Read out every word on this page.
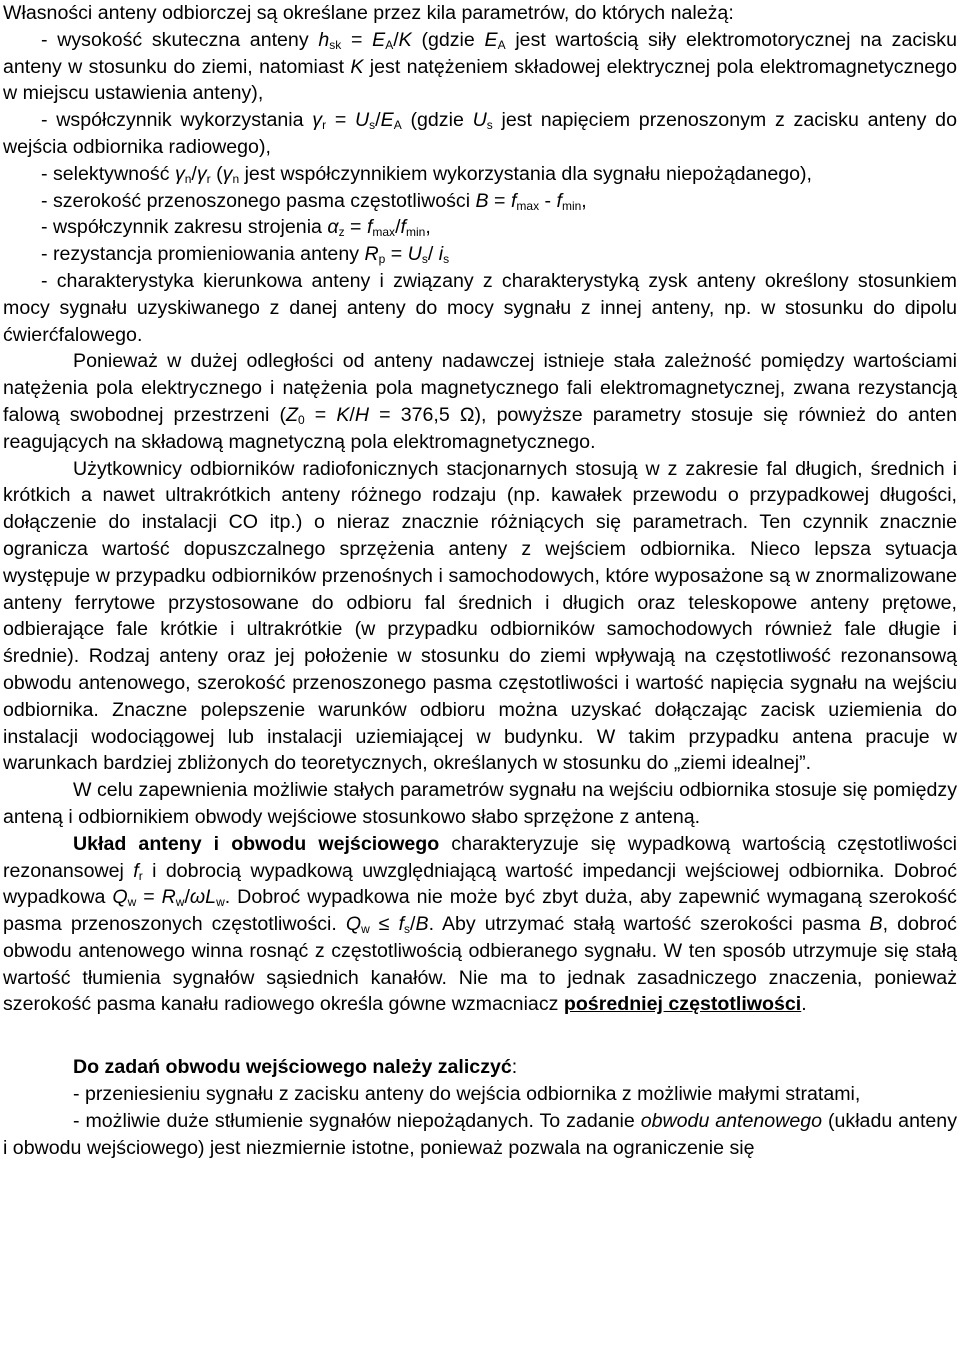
Własności anteny odbiorczej są określane przez kila parametrów, do których należą:

- wysokość skuteczna anteny $h_{sk} = E_A/K$ (gdzie $E_A$ jest wartością siły elektromotorycznej na zacisku anteny w stosunku do ziemi, natomiast K jest natężeniem składowej elektrycznej pola elektromagnetycznego w miejscu ustawienia anteny),

- współczynnik wykorzystania $\gamma_r = U_s/E_A$ (gdzie $U_s$ jest napięciem przenoszonym z zacisku anteny do wejścia odbiornika radiowego),

- selektywność $\gamma_n/\gamma_r$ ($\gamma_n$ jest współczynnikiem wykorzystania dla sygnału niepożądanego),

- szerokość przenoszonego pasma częstotliwości $B = f_{max} - f_{min}$,

- współczynnik zakresu strojenia $\alpha_z = f_{max}/f_{min}$,

- rezystancja promieniowania anteny $R_p = U_s/$ $i_s$

- charakterystyka kierunkowa anteny i związany z charakterystyką zysk anteny określony stosunkiem mocy sygnału uzyskiwanego z danej anteny do mocy sygnału z innej anteny, np. w stosunku do dipolu ćwierćfalowego.

Ponieważ w dużej odległości od anteny nadawczej istnieje stała zależność pomiędzy wartościami natężenia pola elektrycznego i natężenia pola magnetycznego fali elektromagnetycznej, zwana rezystancją falową swobodnej przestrzeni ($Z_0 = K/H = 376,5$ Ω), powyższe parametry stosuje się również do anten reagujących na składową magnetyczną pola elektromagnetycznego.

Użytkownicy odbiorników radiofonicznych stacjonarnych stosują w z zakresie fal długich, średnich i krótkich a nawet ultrakrótkich anteny różnego rodzaju (np. kawałek przewodu o przypadkowej długości, dołączenie do instalacji CO itp.) o nieraz znacznie różniących się parametrach. Ten czynnik znacznie ogranicza wartość dopuszczalnego sprzężenia anteny z wejściem odbiornika. Nieco lepsza sytuacja występuje w przypadku odbiorników przenośnych i samochodowych, które wyposażone są w znormalizowane anteny ferrytowe przystosowane do odbioru fal średnich i długich oraz teleskopowe anteny prętowe, odbierające fale krótkie i ultrakrótkie (w przypadku odbiorników samochodowych również fale długie i średnie). Rodzaj anteny oraz jej położenie w stosunku do ziemi wpływają na częstotliwość rezonansową obwodu antenowego, szerokość przenoszonego pasma częstotliwości i wartość napięcia sygnału na wejściu odbiornika. Znaczne polepszenie warunków odbioru można uzyskać dołączając zacisk uziemienia do instalacji wodociągowej lub instalacji uziemiającej w budynku. W takim przypadku antena pracuje w warunkach bardziej zbliżonych do teoretycznych, określanych w stosunku do „ziemi idealnej”.

W celu zapewnienia możliwie stałych parametrów sygnału na wejściu odbiornika stosuje się pomiędzy anteną i odbiornikiem obwody wejściowe stosunkowo słabo sprzężone z anteną.

Układ anteny i obwodu wejściowego charakteryzuje się wypadkową wartością częstotliwości rezonansowej $f_r$ i dobrocią wypadkową uwzględniającą wartość impedancji wejściowej odbiornika. Dobroć wypadkowa $Q_w = R_w/\omega L_w$. Dobroć wypadkowa nie może być zbyt duża, aby zapewnić wymaganą szerokość pasma przenoszonych częstotliwości. $Q_w \le f_s/B$. Aby utrzymać stałą wartość szerokości pasma B, dobroć obwodu antenowego winna rosnąć z częstotliwością odbieranego sygnału. W ten sposób utrzymuje się stałą wartość tłumienia sygnałów sąsiednich kanałów. Nie ma to jednak zasadniczego znaczenia, ponieważ szerokość pasma kanału radiowego określa gówne wzmacniacz pośredniej częstotliwości.

Do zadań obwodu wejściowego należy zaliczyć:

- przeniesieniu sygnału z zacisku anteny do wejścia odbiornika z możliwie małymi stratami,

- możliwie duże stłumienie sygnałów niepożądanych. To zadanie obwodu antenowego (układu anteny i obwodu wejściowego) jest niezmiernie istotne, ponieważ pozwala na ograniczenie się
